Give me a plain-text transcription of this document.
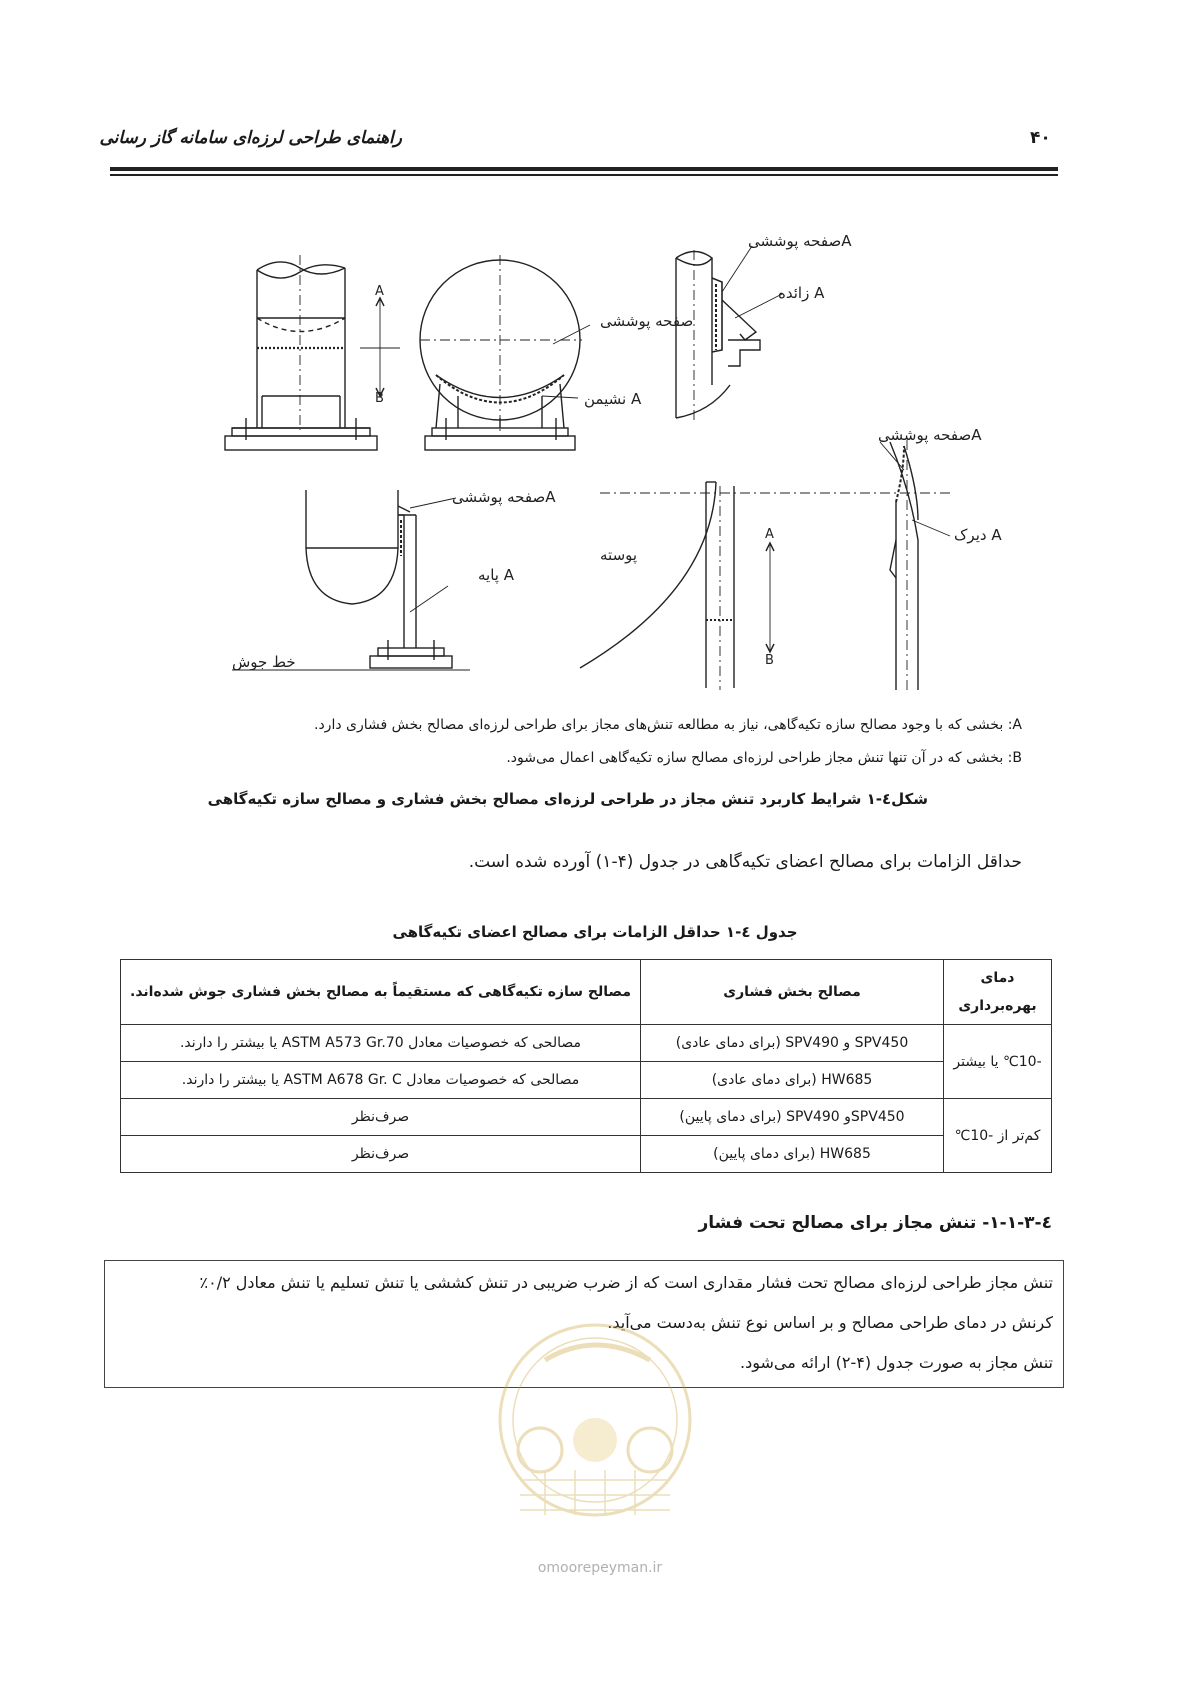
راهنمای طراحی لرزه‌ای سامانه گاز رسانی	۴۰
A
B
صفحه پوششی
نشیمن A
صفحه پوششیA
زائده A
صفحه پوششیA
پایه A
خط جوش
پوسته
A
B
صفحه پوششیA
دیرک A
A: بخشی که با وجود مصالح سازه تکیه‌گاهی، نیاز به مطالعه تنش‌های مجاز برای طراحی لرزه‌ای مصالح بخش فشاری دارد.
B: بخشی که در آن تنها تنش مجاز طراحی لرزه‌ای مصالح سازه تکیه‌گاهی اعمال می‌شود.
شکل٤-١ شرایط کاربرد تنش مجاز در طراحی لرزه‌ای مصالح بخش فشاری و مصالح سازه تکیه‌گاهی
حداقل الزامات برای مصالح اعضای تکیه‌گاهی در جدول (۴-۱) آورده شده است.
جدول ٤-١ حداقل الزامات برای مصالح اعضای تکیه‌گاهی
دمای بهره‌برداری	مصالح بخش فشاری	مصالح سازه تکیه‌گاهی که مستقیماً به مصالح بخش فشاری جوش شده‌اند.
-10℃ یا بیشتر	SPV450 و SPV490 (برای دمای عادی)	مصالحی که خصوصیات معادل ASTM A573 Gr.70 یا بیشتر را دارند.
	HW685 (برای دمای عادی)	مصالحی که خصوصیات معادل ASTM A678 Gr. C یا بیشتر را دارند.
کم‌تر از -10℃	SPV450و SPV490 (برای دمای پایین)	صرف‌نظر
	HW685 (برای دمای پایین)	صرف‌نظر
٤-٣-١-١- تنش مجاز برای مصالح تحت فشار
تنش مجاز طراحی لرزه‌ای مصالح تحت فشار مقداری است که از ضرب ضریبی در تنش کششی یا تنش تسلیم یا تنش معادل ۰/۲٪
کرنش در دمای طراحی مصالح و بر اساس نوع تنش به‌دست می‌آید.
تنش مجاز به صورت جدول (۴-۲) ارائه می‌شود.
omoorepeyman.ir
